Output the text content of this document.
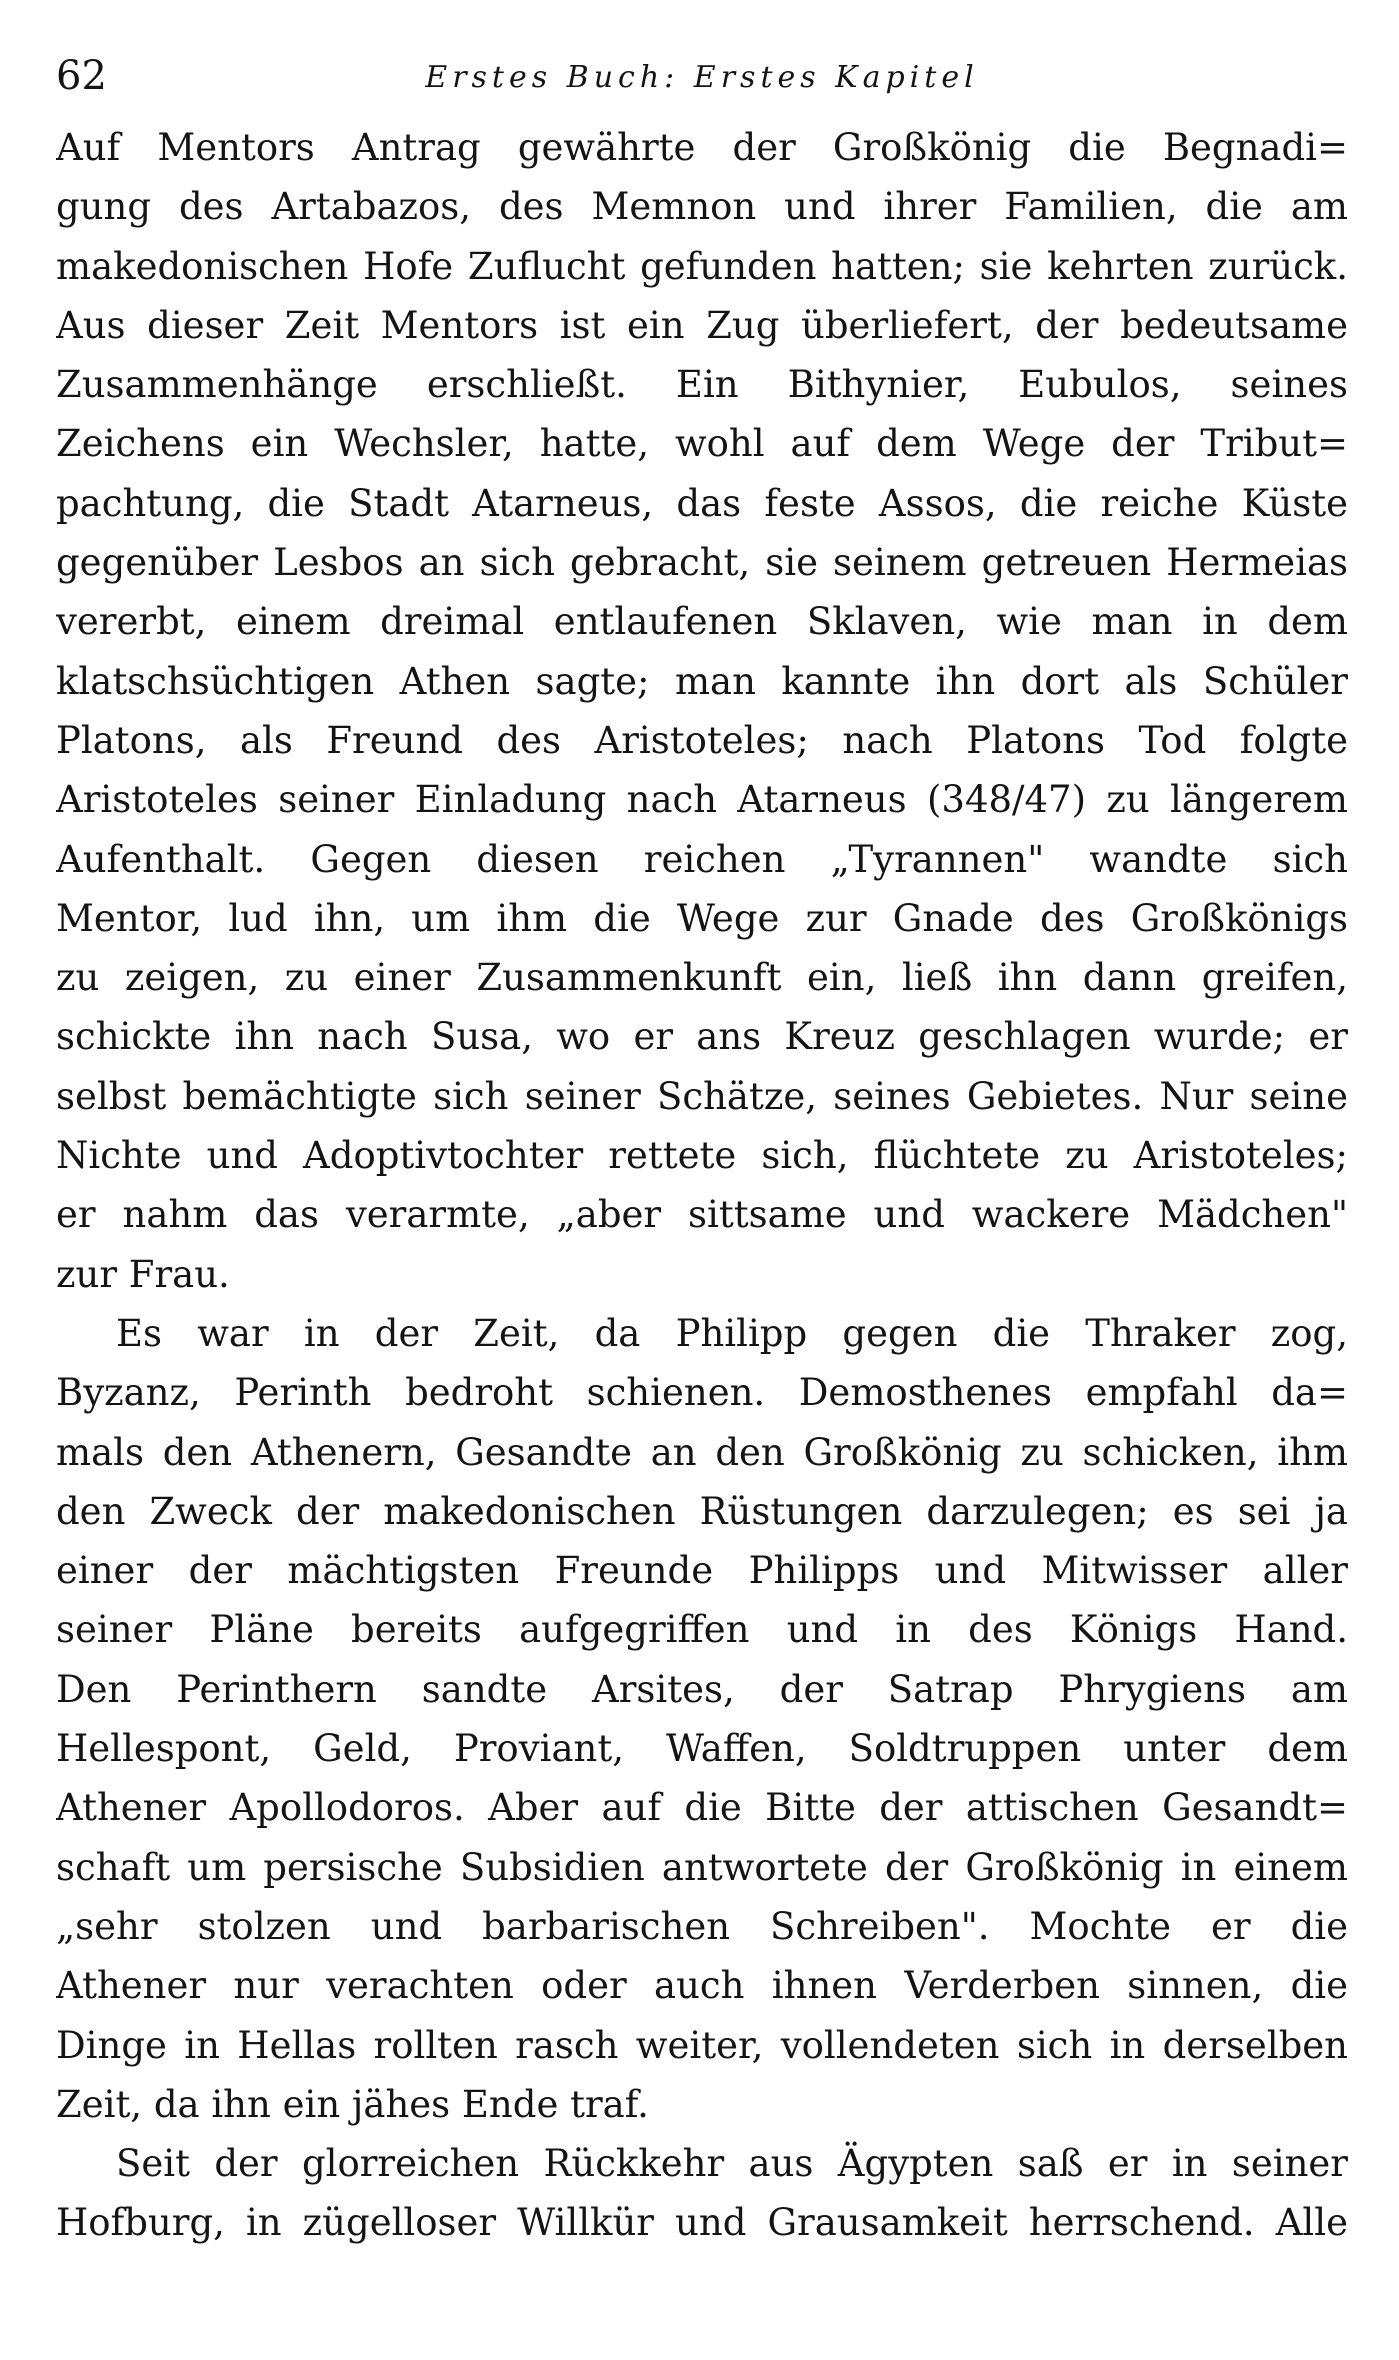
62	Erstes Buch: Erstes Kapitel
Auf Mentors Antrag gewährte der Großkönig die Begnadi=
gung des Artabazos, des Memnon und ihrer Familien, die am
makedonischen Hofe Zuflucht gefunden hatten; sie kehrten zurück.
Aus dieser Zeit Mentors ist ein Zug überliefert, der bedeutsame
Zusammenhänge erschließt. Ein Bithynier, Eubulos, seines
Zeichens ein Wechsler, hatte, wohl auf dem Wege der Tribut=
pachtung, die Stadt Atarneus, das feste Assos, die reiche Küste
gegenüber Lesbos an sich gebracht, sie seinem getreuen Hermeias
vererbt, einem dreimal entlaufenen Sklaven, wie man in dem
klatschsüchtigen Athen sagte; man kannte ihn dort als Schüler
Platons, als Freund des Aristoteles; nach Platons Tod folgte
Aristoteles seiner Einladung nach Atarneus (348/47) zu längerem
Aufenthalt. Gegen diesen reichen „Tyrannen" wandte sich
Mentor, lud ihn, um ihm die Wege zur Gnade des Großkönigs
zu zeigen, zu einer Zusammenkunft ein, ließ ihn dann greifen,
schickte ihn nach Susa, wo er ans Kreuz geschlagen wurde; er
selbst bemächtigte sich seiner Schätze, seines Gebietes. Nur seine
Nichte und Adoptivtochter rettete sich, flüchtete zu Aristoteles;
er nahm das verarmte, „aber sittsame und wackere Mädchen"
zur Frau.
Es war in der Zeit, da Philipp gegen die Thraker zog,
Byzanz, Perinth bedroht schienen. Demosthenes empfahl da=
mals den Athenern, Gesandte an den Großkönig zu schicken, ihm
den Zweck der makedonischen Rüstungen darzulegen; es sei ja
einer der mächtigsten Freunde Philipps und Mitwisser aller
seiner Pläne bereits aufgegriffen und in des Königs Hand.
Den Perinthern sandte Arsites, der Satrap Phrygiens am
Hellespont, Geld, Proviant, Waffen, Soldtruppen unter dem
Athener Apollodoros. Aber auf die Bitte der attischen Gesandt=
schaft um persische Subsidien antwortete der Großkönig in einem
„sehr stolzen und barbarischen Schreiben". Mochte er die
Athener nur verachten oder auch ihnen Verderben sinnen, die
Dinge in Hellas rollten rasch weiter, vollendeten sich in derselben
Zeit, da ihn ein jähes Ende traf.
Seit der glorreichen Rückkehr aus Ägypten saß er in seiner
Hofburg, in zügelloser Willkür und Grausamkeit herrschend. Alle
